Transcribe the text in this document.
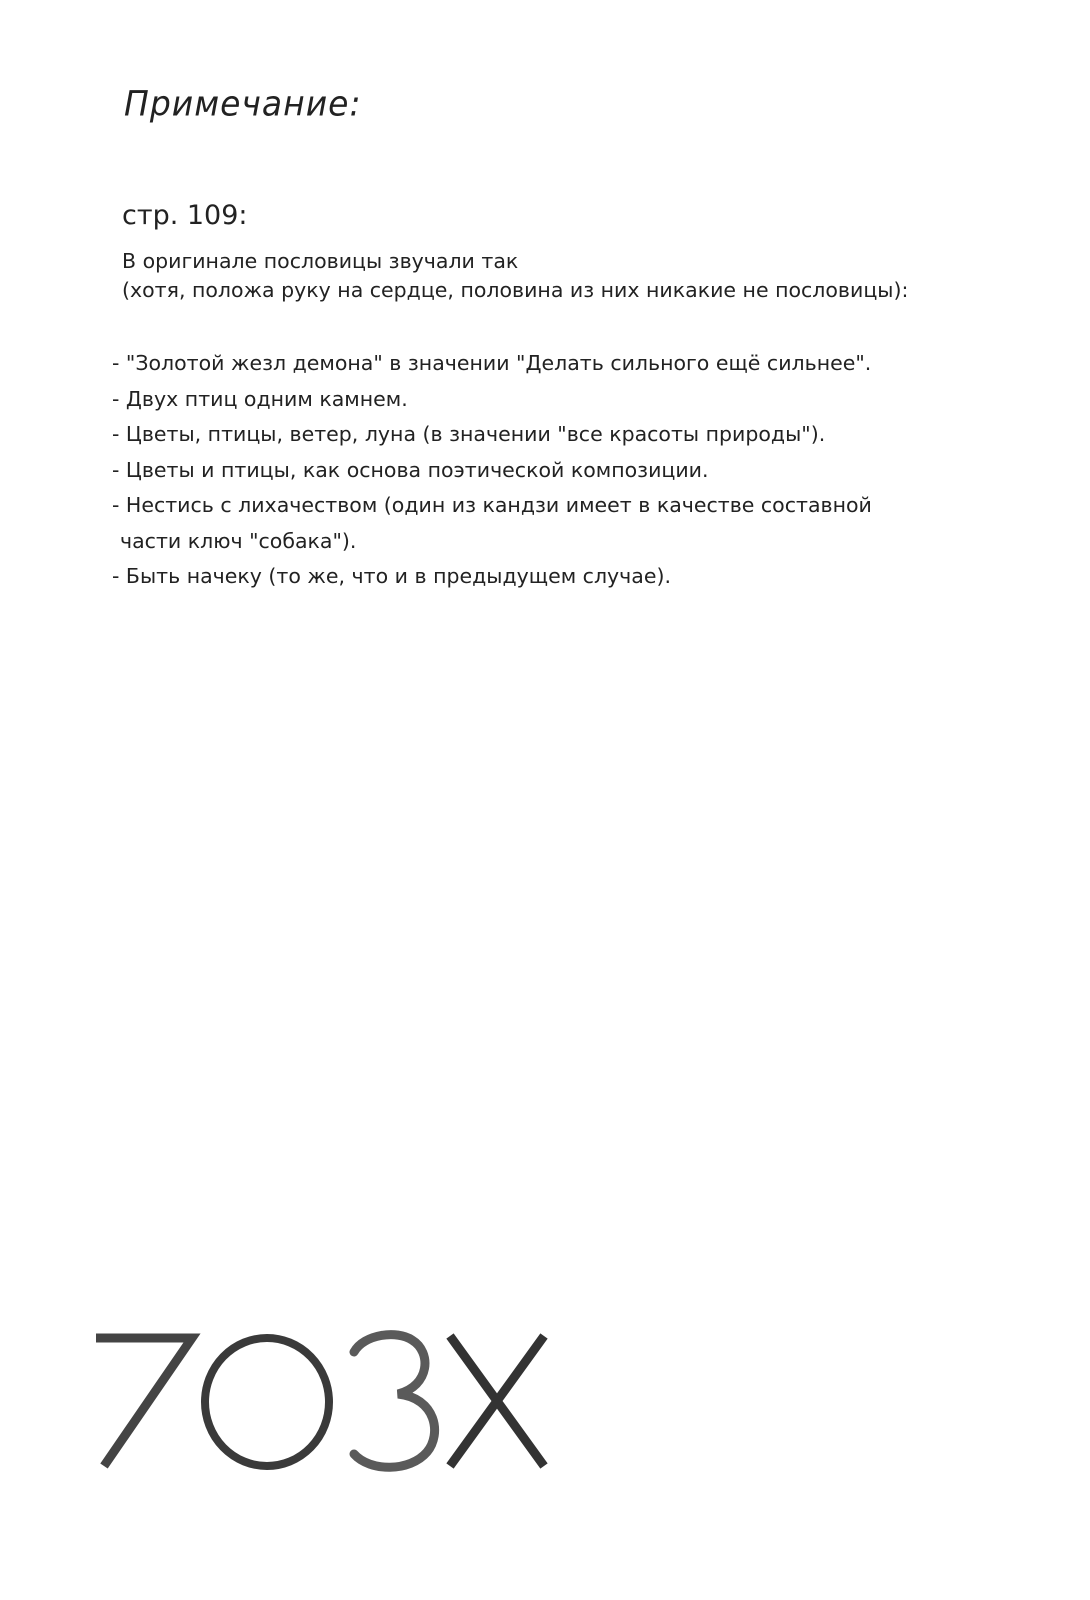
Примечание:
стр. 109:
В оригинале пословицы звучали так
(хотя, положа руку на сердце, половина из них никакие не пословицы):
- "Золотой жезл демона" в значении "Делать сильного ещё сильнее".
- Двух птиц одним камнем.
- Цветы, птицы, ветер, луна (в значении "все красоты природы").
- Цветы и птицы, как основа поэтической композиции.
- Нестись с лихачеством (один из кандзи имеет в качестве составной
части ключ "собака").
- Быть начеку (то же, что и в предыдущем случае).
